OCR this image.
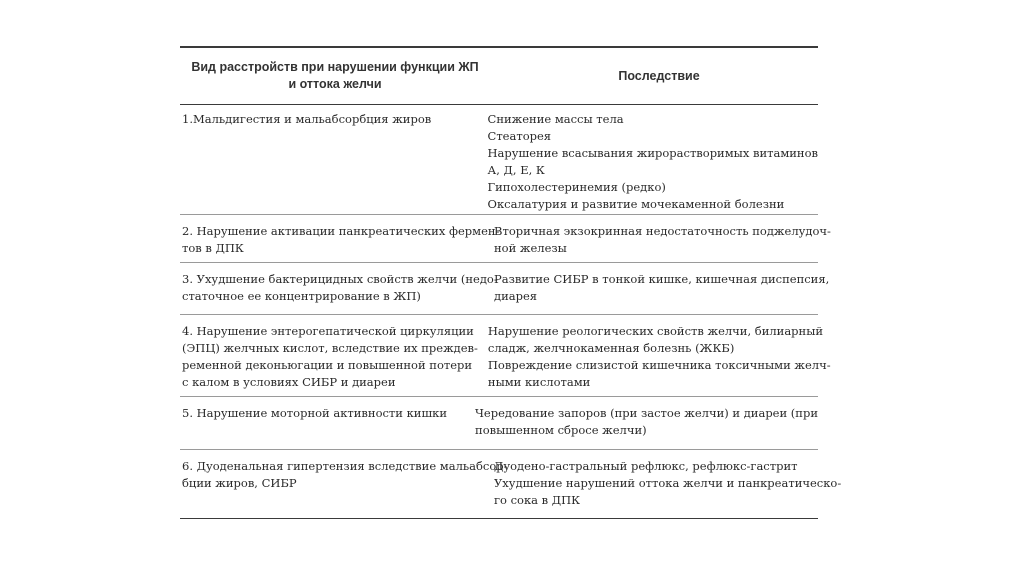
Вид расстройств при нарушении функции ЖП
и оттока желчи
Последствие
1.Мальдигестия и мальабсорбция жиров	Снижение массы тела
Стеаторея
Нарушение всасывания жирорастворимых витаминов
А, Д, Е, К
Гипохолестеринемия (редко)
Оксалатурия и развитие мочекаменной болезни
2. Нарушение активации панкреатических фермен-
тов в ДПК
Вторичная экзокринная недостаточность поджелудоч-
ной железы
3. Ухудшение бактерицидных свойств желчи (недо-
статочное ее концентрирование в ЖП)
Развитие СИБР в тонкой кишке, кишечная диспепсия,
диарея
4. Нарушение энтерогепатической циркуляции
(ЭПЦ) желчных кислот, вследствие их преждев-
ременной деконьюгации и повышенной потери
с калом в условиях СИБР и диареи
Нарушение реологических свойств желчи, билиарный
сладж, желчнокаменная болезнь (ЖКБ)
Повреждение слизистой кишечника токсичными желч-
ными кислотами
5. Нарушение моторной активности кишки	Чередование запоров (при застое желчи) и диареи (при
повышенном сбросе желчи)
6. Дуоденальная гипертензия вследствие мальабсор-
бции жиров, СИБР
Дуодено-гастральный рефлюкс, рефлюкс-гастрит
Ухудшение нарушений оттока желчи и панкреатическо-
го сока в ДПК
